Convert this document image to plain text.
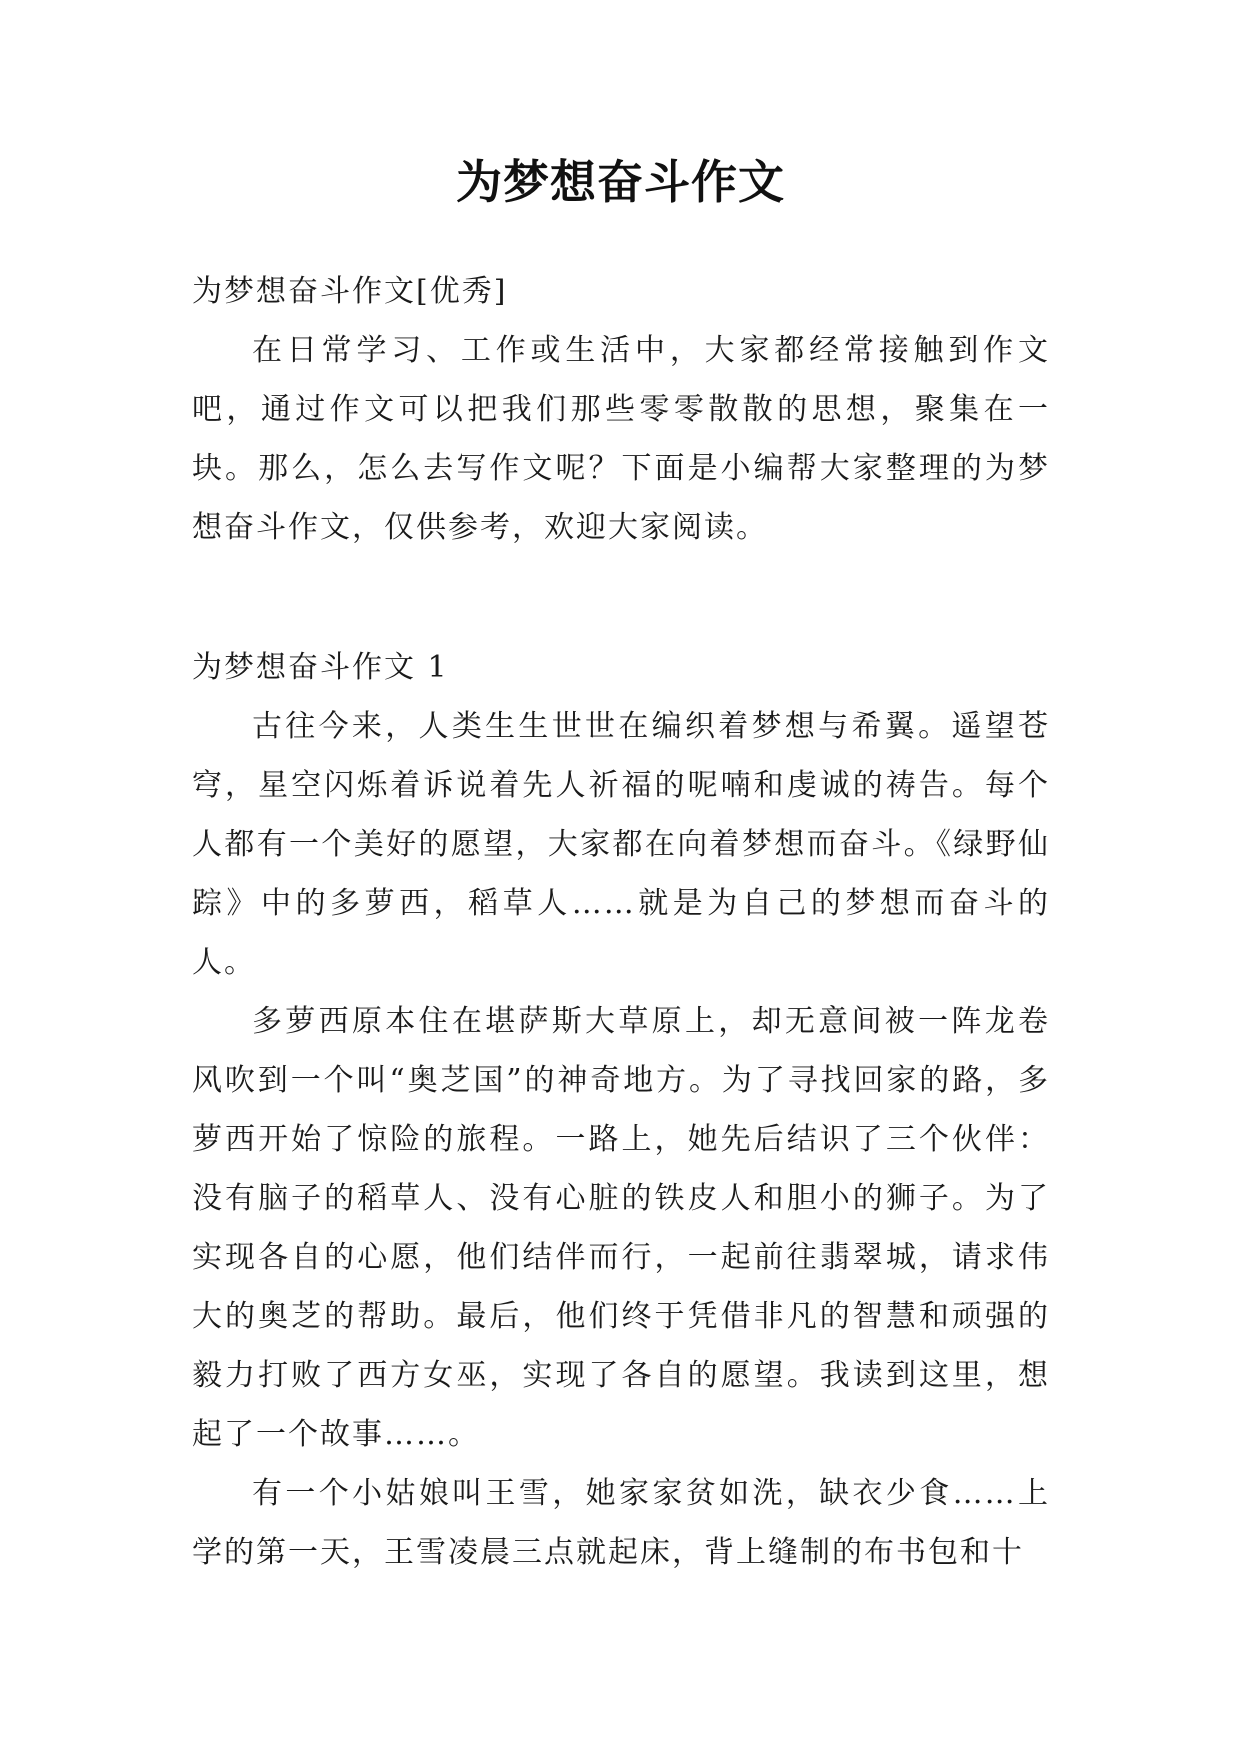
为梦想奋斗作文

为梦想奋斗作文[优秀]

在日常学习、工作或生活中，大家都经常接触到作文吧，通过作文可以把我们那些零零散散的思想，聚集在一块。那么，怎么去写作文呢？下面是小编帮大家整理的为梦想奋斗作文，仅供参考，欢迎大家阅读。

为梦想奋斗作文 1

古往今来，人类生生世世在编织着梦想与希翼。遥望苍穹，星空闪烁着诉说着先人祈福的呢喃和虔诚的祷告。每个人都有一个美好的愿望，大家都在向着梦想而奋斗。《绿野仙踪》中的多萝西，稻草人……就是为自己的梦想而奋斗的人。

多萝西原本住在堪萨斯大草原上，却无意间被一阵龙卷风吹到一个叫“奥芝国”的神奇地方。为了寻找回家的路，多萝西开始了惊险的旅程。一路上，她先后结识了三个伙伴：没有脑子的稻草人、没有心脏的铁皮人和胆小的狮子。为了实现各自的心愿，他们结伴而行，一起前往翡翠城，请求伟大的奥芝的帮助。最后，他们终于凭借非凡的智慧和顽强的毅力打败了西方女巫，实现了各自的愿望。我读到这里，想起了一个故事……。

有一个小姑娘叫王雪，她家家贫如洗，缺衣少食……上学的第一天，王雪凌晨三点就起床，背上缝制的布书包和十
